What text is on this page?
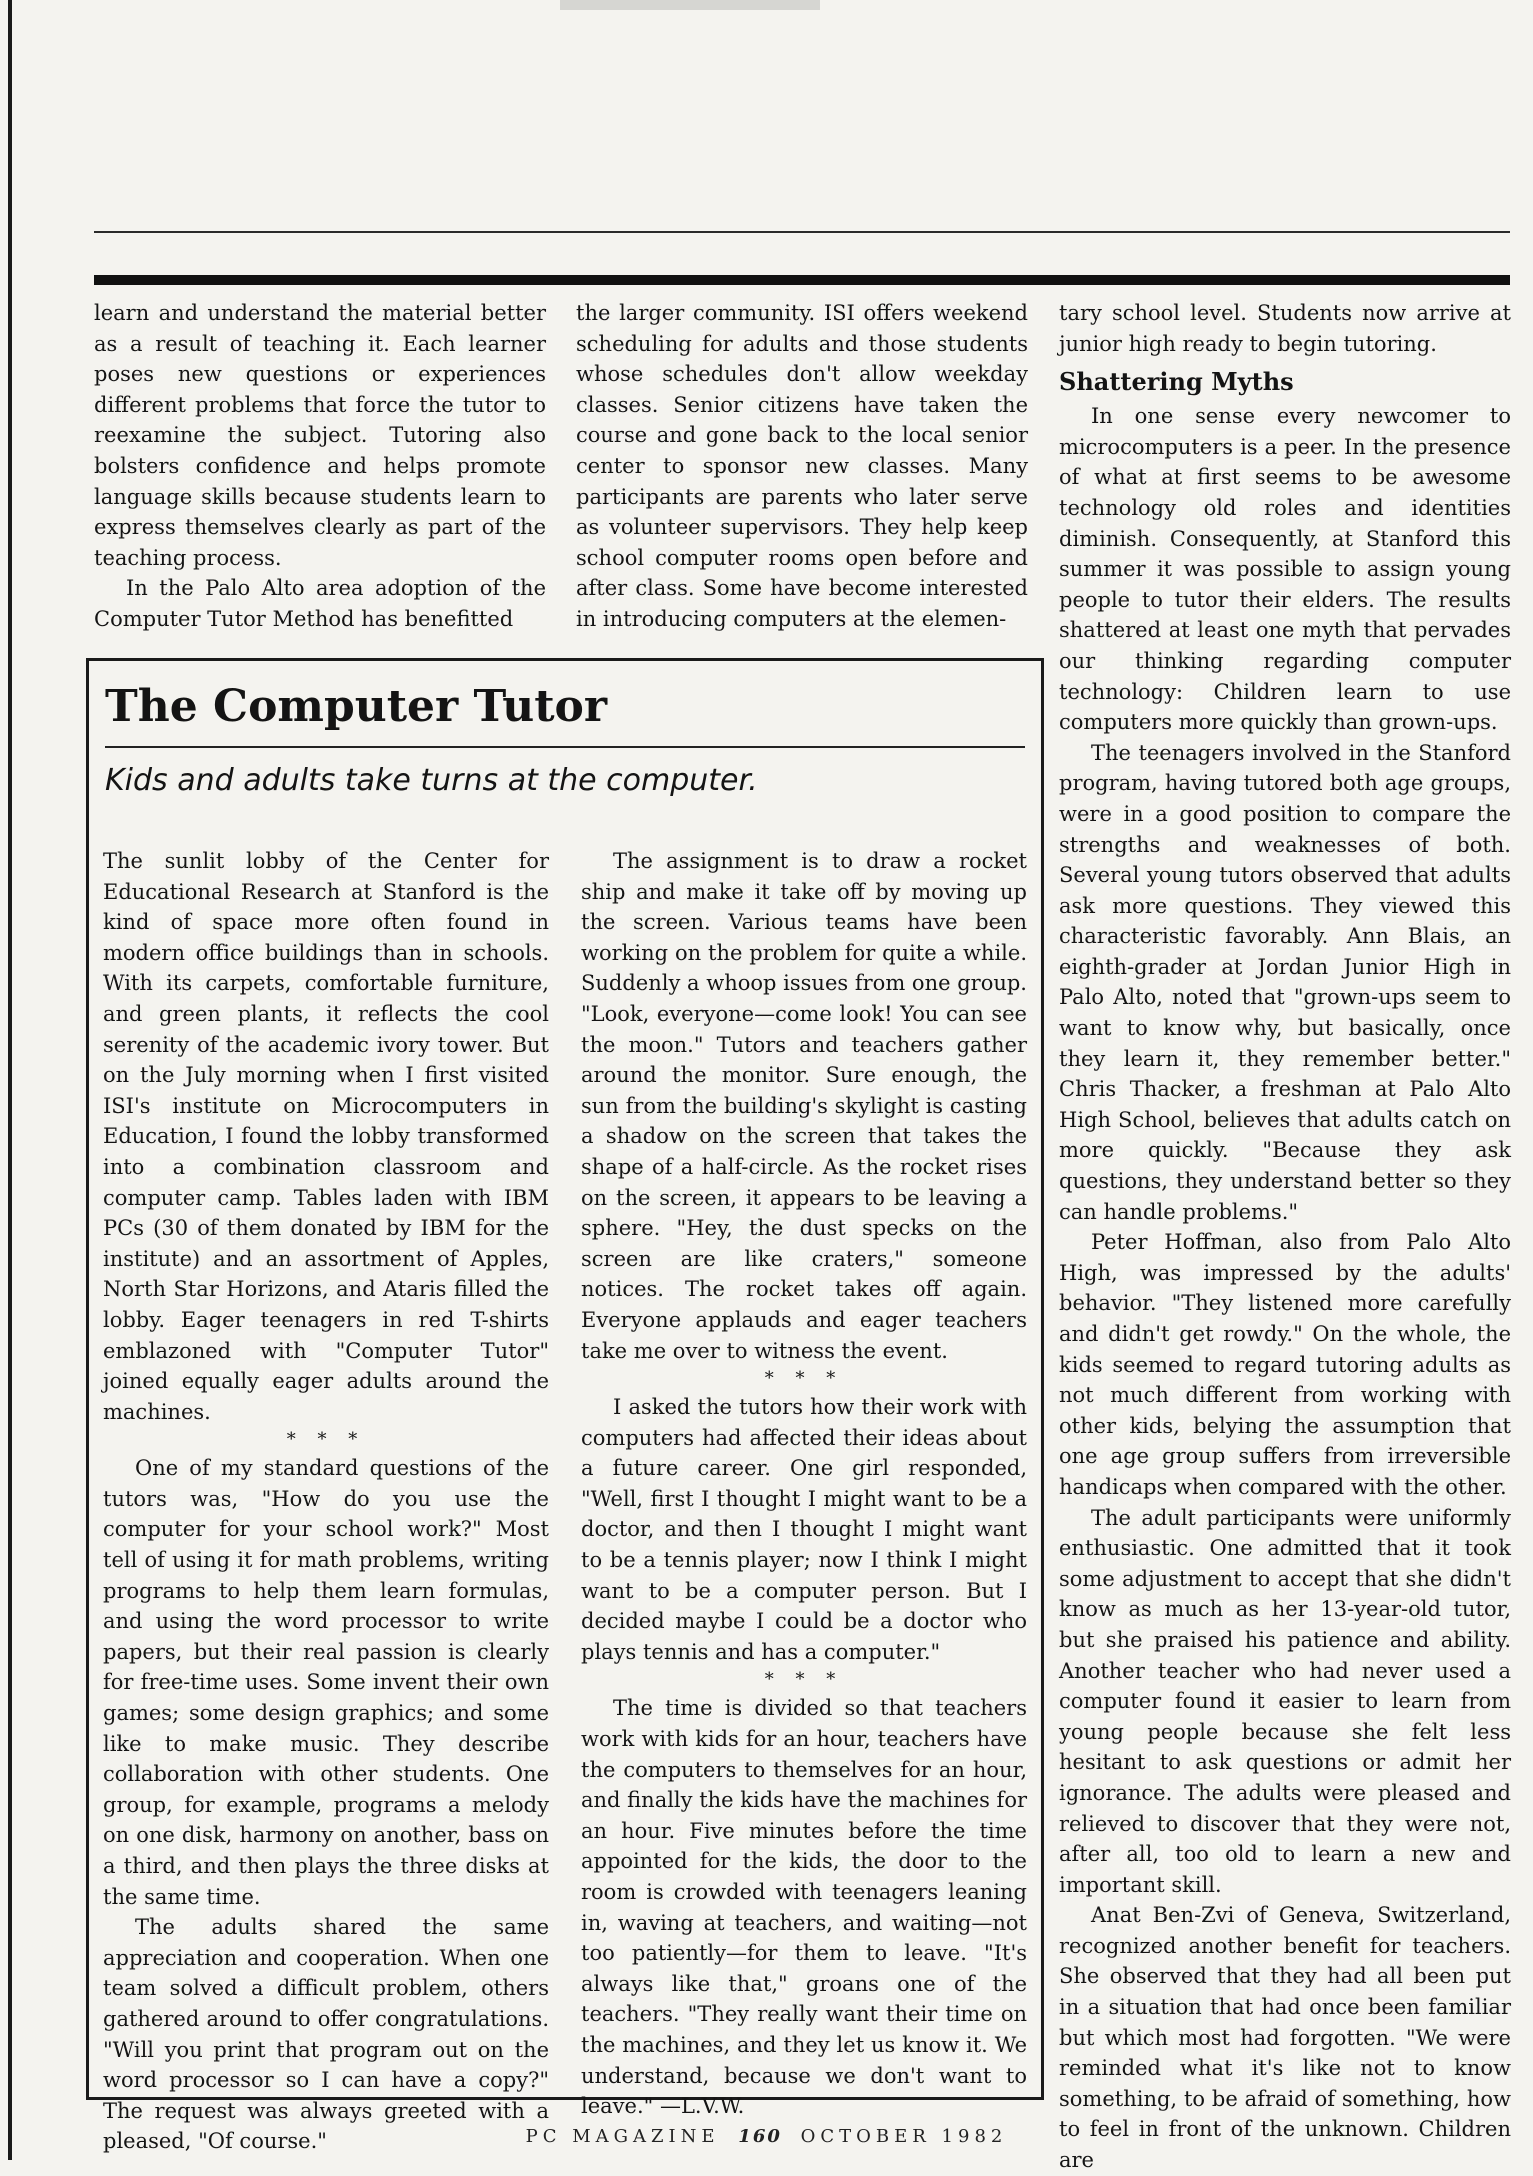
learn and understand the material better as a result of teaching it. Each learner poses new questions or experiences different problems that force the tutor to reexamine the subject. Tutoring also bolsters confidence and helps promote language skills because students learn to express themselves clearly as part of the teaching process.

In the Palo Alto area adoption of the Computer Tutor Method has benefitted

the larger community. ISI offers weekend scheduling for adults and those students whose schedules don't allow weekday classes. Senior citizens have taken the course and gone back to the local senior center to sponsor new classes. Many participants are parents who later serve as volunteer supervisors. They help keep school computer rooms open before and after class. Some have become interested in introducing computers at the elemen-

tary school level. Students now arrive at junior high ready to begin tutoring.

Shattering Myths

In one sense every newcomer to microcomputers is a peer. In the presence of what at first seems to be awesome technology old roles and identities diminish. Consequently, at Stanford this summer it was possible to assign young people to tutor their elders. The results shattered at least one myth that pervades our thinking regarding computer technology: Children learn to use computers more quickly than grown-ups.

The teenagers involved in the Stanford program, having tutored both age groups, were in a good position to compare the strengths and weaknesses of both. Several young tutors observed that adults ask more questions. They viewed this characteristic favorably. Ann Blais, an eighth-grader at Jordan Junior High in Palo Alto, noted that "grown-ups seem to want to know why, but basically, once they learn it, they remember better." Chris Thacker, a freshman at Palo Alto High School, believes that adults catch on more quickly. "Because they ask questions, they understand better so they can handle problems."

Peter Hoffman, also from Palo Alto High, was impressed by the adults' behavior. "They listened more carefully and didn't get rowdy." On the whole, the kids seemed to regard tutoring adults as not much different from working with other kids, belying the assumption that one age group suffers from irreversible handicaps when compared with the other.

The adult participants were uniformly enthusiastic. One admitted that it took some adjustment to accept that she didn't know as much as her 13-year-old tutor, but she praised his patience and ability. Another teacher who had never used a computer found it easier to learn from young people because she felt less hesitant to ask questions or admit her ignorance. The adults were pleased and relieved to discover that they were not, after all, too old to learn a new and important skill.

Anat Ben-Zvi of Geneva, Switzerland, recognized another benefit for teachers. She observed that they had all been put in a situation that had once been familiar but which most had forgotten. "We were reminded what it's like not to know something, to be afraid of something, how to feel in front of the unknown. Children are

The Computer Tutor
Kids and adults take turns at the computer.

The sunlit lobby of the Center for Educational Research at Stanford is the kind of space more often found in modern office buildings than in schools. With its carpets, comfortable furniture, and green plants, it reflects the cool serenity of the academic ivory tower. But on the July morning when I first visited ISI's institute on Microcomputers in Education, I found the lobby transformed into a combination classroom and computer camp. Tables laden with IBM PCs (30 of them donated by IBM for the institute) and an assortment of Apples, North Star Horizons, and Ataris filled the lobby. Eager teenagers in red T-shirts emblazoned with "Computer Tutor" joined equally eager adults around the machines.

* * *

One of my standard questions of the tutors was, "How do you use the computer for your school work?" Most tell of using it for math problems, writing programs to help them learn formulas, and using the word processor to write papers, but their real passion is clearly for free-time uses. Some invent their own games; some design graphics; and some like to make music. They describe collaboration with other students. One group, for example, programs a melody on one disk, harmony on another, bass on a third, and then plays the three disks at the same time.

The adults shared the same appreciation and cooperation. When one team solved a difficult problem, others gathered around to offer congratulations. "Will you print that program out on the word processor so I can have a copy?" The request was always greeted with a pleased, "Of course."

The assignment is to draw a rocket ship and make it take off by moving up the screen. Various teams have been working on the problem for quite a while. Suddenly a whoop issues from one group. "Look, everyone—come look! You can see the moon." Tutors and teachers gather around the monitor. Sure enough, the sun from the building's skylight is casting a shadow on the screen that takes the shape of a half-circle. As the rocket rises on the screen, it appears to be leaving a sphere. "Hey, the dust specks on the screen are like craters," someone notices. The rocket takes off again. Everyone applauds and eager teachers take me over to witness the event.

* * *

I asked the tutors how their work with computers had affected their ideas about a future career. One girl responded, "Well, first I thought I might want to be a doctor, and then I thought I might want to be a tennis player; now I think I might want to be a computer person. But I decided maybe I could be a doctor who plays tennis and has a computer."

* * *

The time is divided so that teachers work with kids for an hour, teachers have the computers to themselves for an hour, and finally the kids have the machines for an hour. Five minutes before the time appointed for the kids, the door to the room is crowded with teenagers leaning in, waving at teachers, and waiting—not too patiently—for them to leave. "It's always like that," groans one of the teachers. "They really want their time on the machines, and they let us know it. We understand, because we don't want to leave." —L.V.W.

PC MAGAZINE 160 OCTOBER 1982
